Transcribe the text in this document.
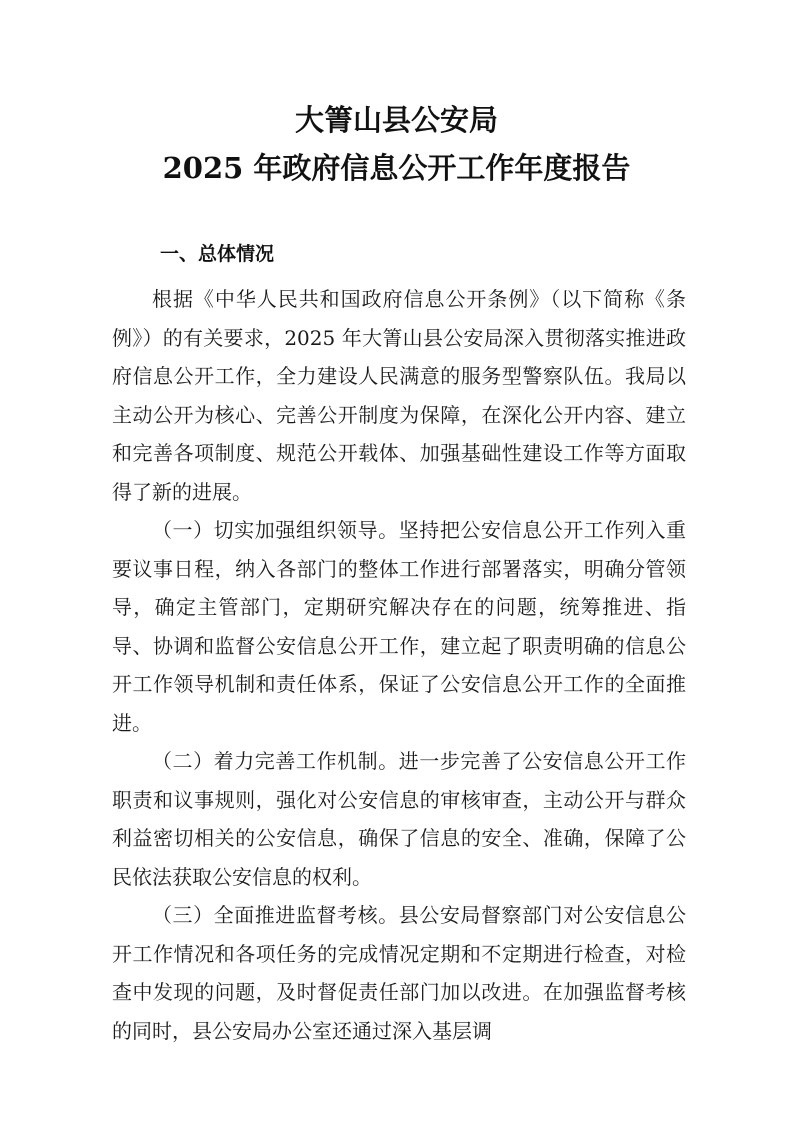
大箐山县公安局
2025 年政府信息公开工作年度报告
一、总体情况

根据《中华人民共和国政府信息公开条例》（以下简称《条例》）的有关要求，2025 年大箐山县公安局深入贯彻落实推进政府信息公开工作，全力建设人民满意的服务型警察队伍。我局以主动公开为核心、完善公开制度为保障，在深化公开内容、建立和完善各项制度、规范公开载体、加强基础性建设工作等方面取得了新的进展。

（一）切实加强组织领导。坚持把公安信息公开工作列入重要议事日程，纳入各部门的整体工作进行部署落实，明确分管领导，确定主管部门，定期研究解决存在的问题，统筹推进、指导、协调和监督公安信息公开工作，建立起了职责明确的信息公开工作领导机制和责任体系，保证了公安信息公开工作的全面推进。

（二）着力完善工作机制。进一步完善了公安信息公开工作职责和议事规则，强化对公安信息的审核审查，主动公开与群众利益密切相关的公安信息，确保了信息的安全、准确，保障了公民依法获取公安信息的权利。

（三）全面推进监督考核。县公安局督察部门对公安信息公开工作情况和各项任务的完成情况定期和不定期进行检查，对检查中发现的问题，及时督促责任部门加以改进。在加强监督考核的同时，县公安局办公室还通过深入基层调
